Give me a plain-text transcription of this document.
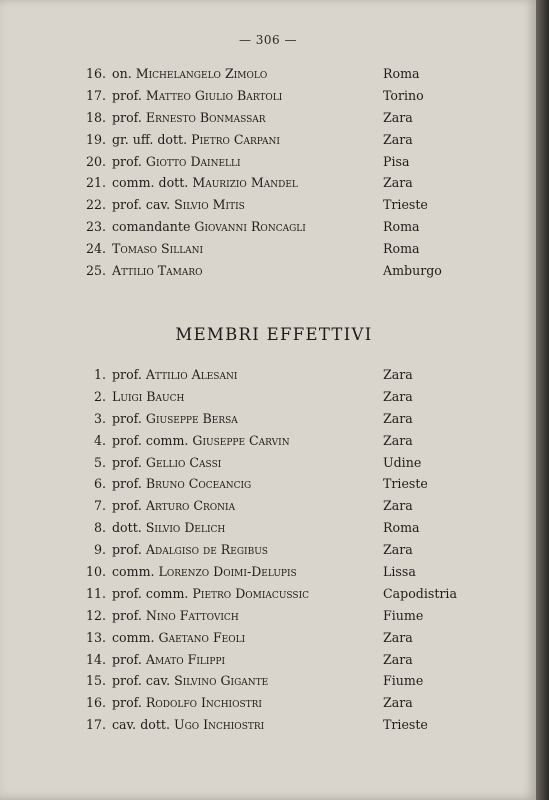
— 306 —
16. on. Michelangelo Zimolo	Roma
17. prof. Matteo Giulio Bartoli	Torino
18. prof. Ernesto Bonmassar	Zara
19. gr. uff. dott. Pietro Carpani	Zara
20. prof. Giotto Dainelli	Pisa
21. comm. dott. Maurizio Mandel	Zara
22. prof. cav. Silvio Mitis	Trieste
23. comandante Giovanni Roncagli	Roma
24. Tomaso Sillani	Roma
25. Attilio Tamaro	Amburgo
MEMBRI EFFETTIVI
1. prof. Attilio Alesani	Zara
2. Luigi Bauch	Zara
3. prof. Giuseppe Bersa	Zara
4. prof. comm. Giuseppe Carvin	Zara
5. prof. Gellio Cassi	Udine
6. prof. Bruno Coceancig	Trieste
7. prof. Arturo Cronia	Zara
8. dott. Silvio Delich	Roma
9. prof. Adalgiso de Regibus	Zara
10. comm. Lorenzo Doimi-Delupis	Lissa
11. prof. comm. Pietro Domiacussic	Capodistria
12. prof. Nino Fattovich	Fiume
13. comm. Gaetano Feoli	Zara
14. prof. Amato Filippi	Zara
15. prof. cav. Silvino Gigante	Fiume
16. prof. Rodolfo Inchiostri	Zara
17. cav. dott. Ugo Inchiostri	Trieste
